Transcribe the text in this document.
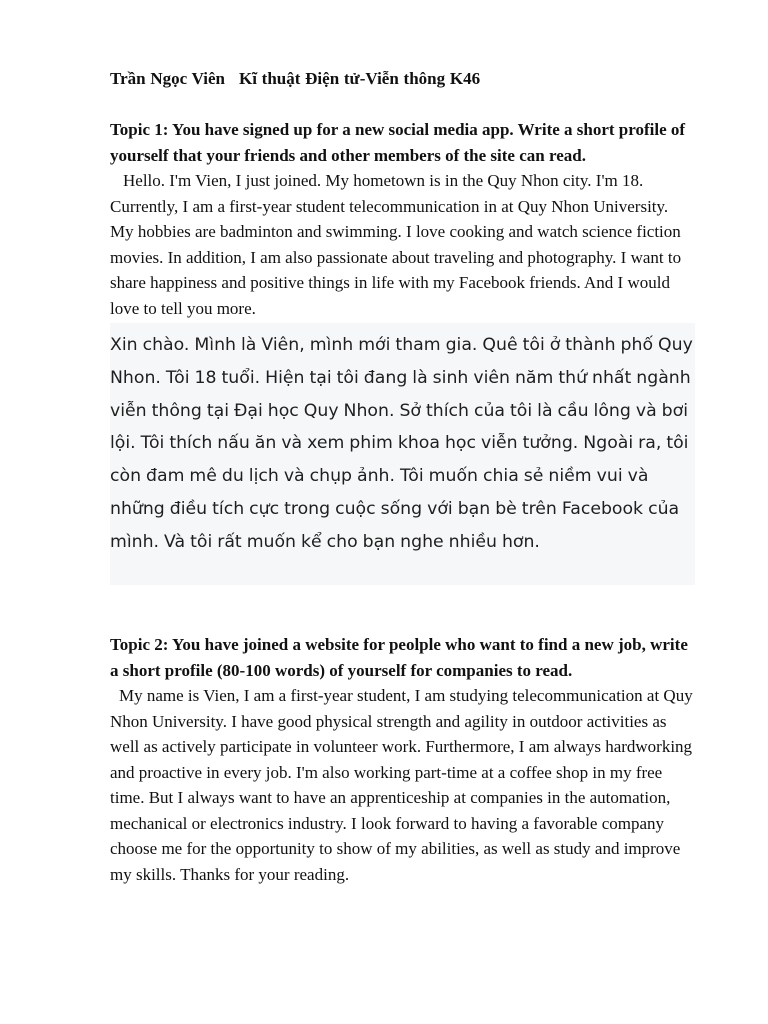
Trần Ngọc Viên Kĩ thuật Điện tử-Viễn thông K46

Topic 1: You have signed up for a new social media app. Write a short profile of yourself that your friends and other members of the site can read.

Hello. I'm Vien, I just joined. My hometown is in the Quy Nhon city. I'm 18. Currently, I am a first-year student telecommunication in at Quy Nhon University. My hobbies are badminton and swimming. I love cooking and watch science fiction movies. In addition, I am also passionate about traveling and photography. I want to share happiness and positive things in life with my Facebook friends. And I would love to tell you more.

Xin chào. Mình là Viên, mình mới tham gia. Quê tôi ở thành phố Quy Nhon. Tôi 18 tuổi. Hiện tại tôi đang là sinh viên năm thứ nhất ngành viễn thông tại Đại học Quy Nhon. Sở thích của tôi là cầu lông và bơi lội. Tôi thích nấu ăn và xem phim khoa học viễn tưởng. Ngoài ra, tôi còn đam mê du lịch và chụp ảnh. Tôi muốn chia sẻ niềm vui và những điều tích cực trong cuộc sống với bạn bè trên Facebook của mình. Và tôi rất muốn kể cho bạn nghe nhiều hơn.

Topic 2: You have joined a website for peolple who want to find a new job, write a short profile (80-100 words) of yourself for companies to read.

My name is Vien, I am a first-year student, I am studying telecommunication at Quy Nhon University. I have good physical strength and agility in outdoor activities as well as actively participate in volunteer work. Furthermore, I am always hardworking and proactive in every job. I'm also working part-time at a coffee shop in my free time. But I always want to have an apprenticeship at companies in the automation, mechanical or electronics industry. I look forward to having a favorable company choose me for the opportunity to show of my abilities, as well as study and improve my skills. Thanks for your reading.
